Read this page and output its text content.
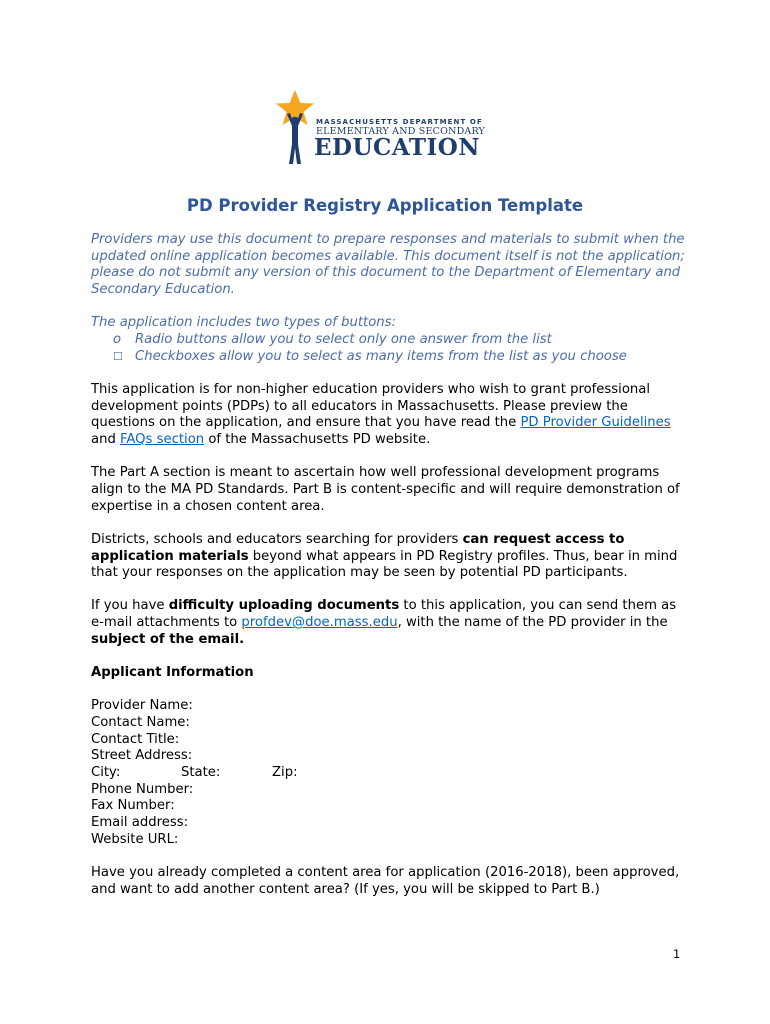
MASSACHUSETTS DEPARTMENT OF
ELEMENTARY AND SECONDARY
EDUCATION
PD Provider Registry Application Template

Providers may use this document to prepare responses and materials to submit when the updated online application becomes available. This document itself is not the application; please do not submit any version of this document to the Department of Elementary and Secondary Education.

The application includes two types of buttons:
o Radio buttons allow you to select only one answer from the list
☐ Checkboxes allow you to select as many items from the list as you choose

This application is for non-higher education providers who wish to grant professional development points (PDPs) to all educators in Massachusetts. Please preview the questions on the application, and ensure that you have read the PD Provider Guidelines and FAQs section of the Massachusetts PD website.

The Part A section is meant to ascertain how well professional development programs align to the MA PD Standards. Part B is content-specific and will require demonstration of expertise in a chosen content area.

Districts, schools and educators searching for providers can request access to application materials beyond what appears in PD Registry profiles. Thus, bear in mind that your responses on the application may be seen by potential PD participants.

If you have difficulty uploading documents to this application, you can send them as e-mail attachments to profdev@doe.mass.edu, with the name of the PD provider in the subject of the email.

Applicant Information

Provider Name:
Contact Name:
Contact Title:
Street Address:
City:	State:	Zip:
Phone Number:
Fax Number:
Email address:
Website URL:

Have you already completed a content area for application (2016-2018), been approved, and want to add another content area? (If yes, you will be skipped to Part B.)

1
